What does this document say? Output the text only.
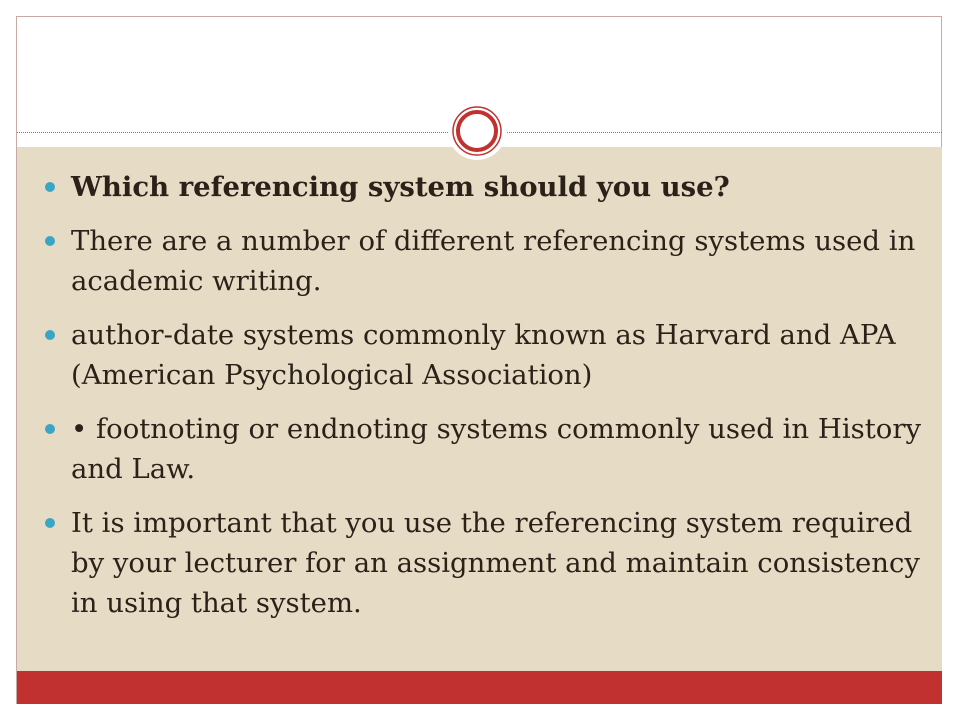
Which referencing system should you use?
There are a number of different referencing systems used in academic writing.
author-date systems commonly known as Harvard and APA (American Psychological Association)
• footnoting or endnoting systems commonly used in History and Law.
It is important that you use the referencing system required by your lecturer for an assignment and maintain consistency in using that system.
